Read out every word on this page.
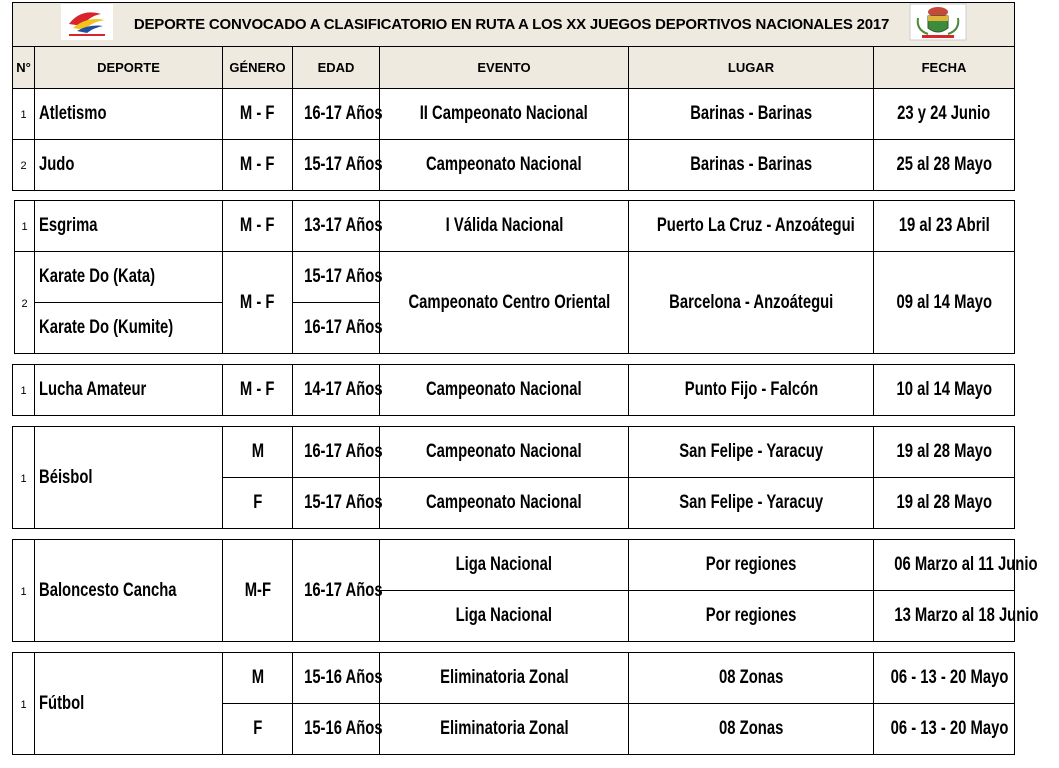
DEPORTE CONVOCADO A CLASIFICATORIO EN RUTA A LOS XX JUEGOS DEPORTIVOS NACIONALES 2017

N°	DEPORTE	GÉNERO	EDAD	EVENTO	LUGAR	FECHA
1	Atletismo	M - F	16-17 Años	II Campeonato Nacional	Barinas - Barinas	23 y 24 Junio
2	Judo	M - F	15-17 Años	Campeonato Nacional	Barinas - Barinas	25 al 28 Mayo
1	Esgrima	M - F	13-17 Años	I Válida Nacional	Puerto La Cruz - Anzoátegui	19 al 23 Abril
2	Karate Do (Kata)	M - F	15-17 Años	Campeonato Centro Oriental	Barcelona - Anzoátegui	09 al 14 Mayo
	Karate Do (Kumite)		16-17 Años			
1	Lucha Amateur	M - F	14-17 Años	Campeonato Nacional	Punto Fijo - Falcón	10 al 14 Mayo
1	Béisbol	M	16-17 Años	Campeonato Nacional	San Felipe - Yaracuy	19 al 28 Mayo
		F	15-17 Años	Campeonato Nacional	San Felipe - Yaracuy	19 al 28 Mayo
1	Baloncesto Cancha	M-F	16-17 Años	Liga Nacional	Por regiones	06 Marzo al 11 Junio
				Liga Nacional	Por regiones	13 Marzo al 18 Junio
1	Fútbol	M	15-16 Años	Eliminatoria Zonal	08 Zonas	06 - 13 - 20 Mayo
		F	15-16 Años	Eliminatoria Zonal	08 Zonas	06 - 13 - 20 Mayo
